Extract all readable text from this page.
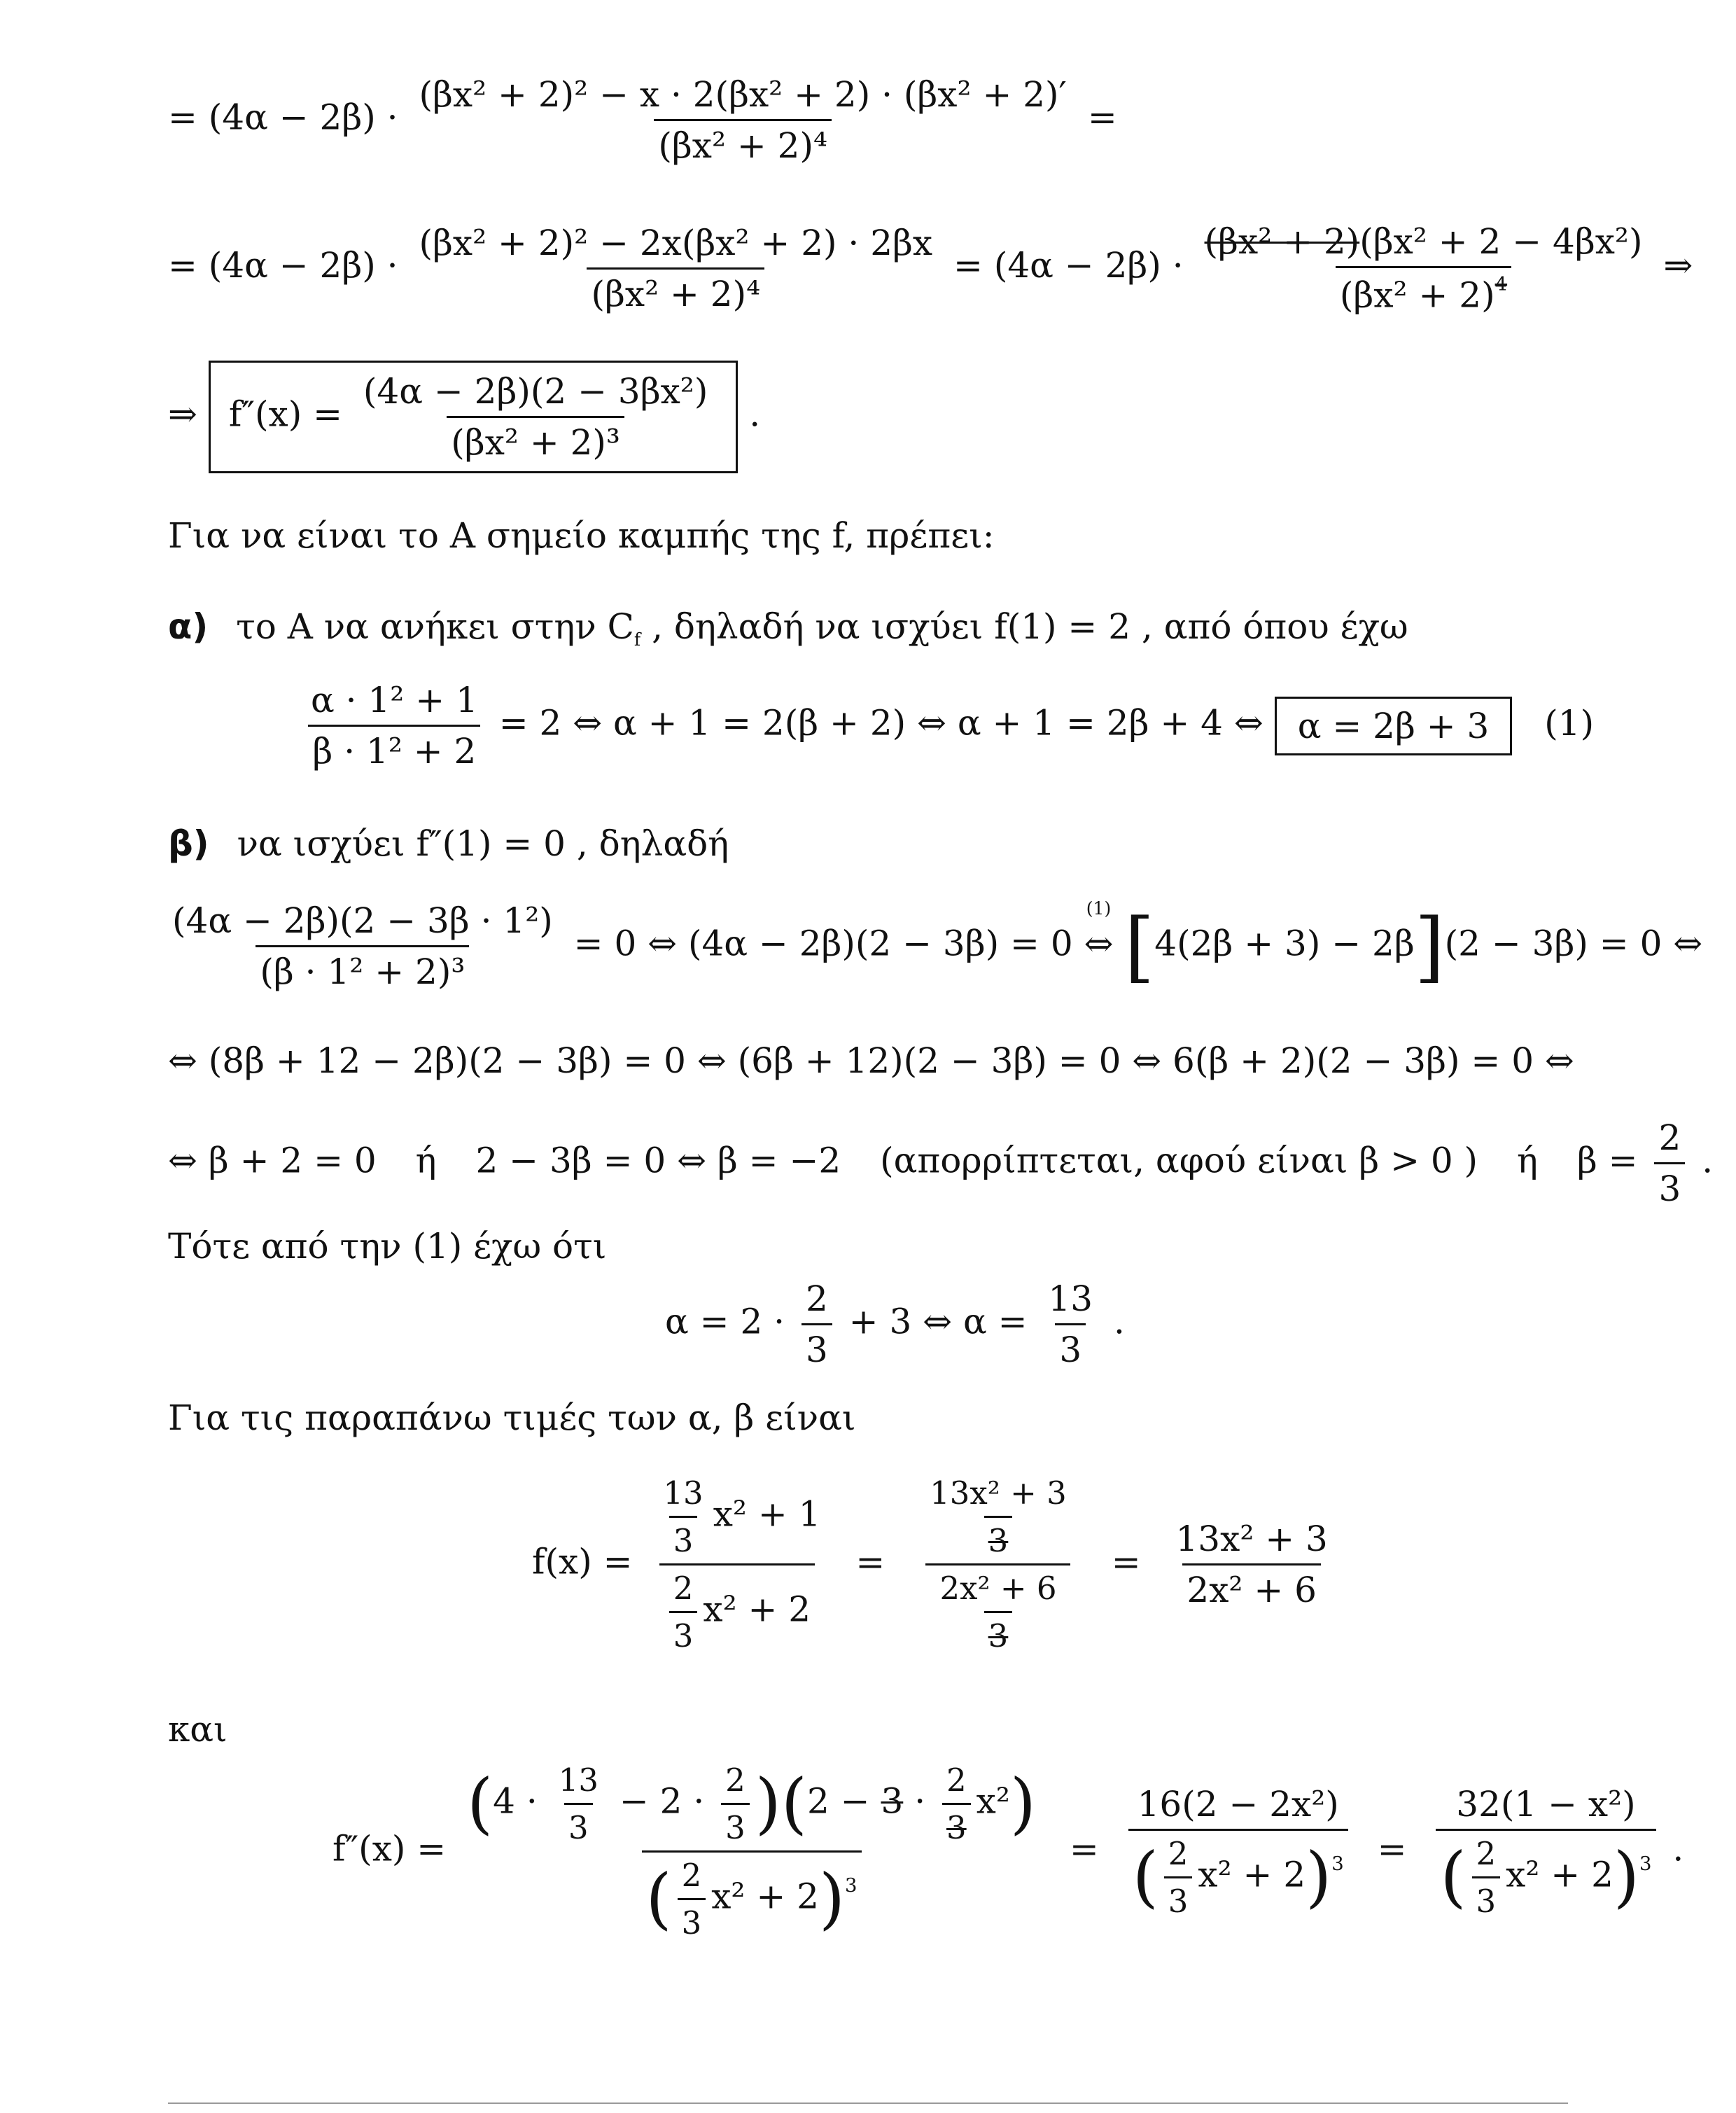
= $(4\alpha - 2\beta) \cdot \frac{\text{(βx² + 2)² − x · 2(βx² + 2) · (βx² + 2)′}}{\text{(βx² + 2)⁴}}$ =
= $(4\alpha - 2\beta) \cdot \frac{\text{(βx² + 2)² − 2x(βx² + 2) · 2βx}}{\text{(βx² + 2)⁴}} = (4\alpha - 2\beta) \cdot \frac{\text{(βx² + 2)(βx² + 2 − 4βx²)}}{(\beta x^2 + 2)^4}$ ⇒
⇒ $f''(x) = \frac{\text{(4α − 2β)(2 − 3βx²)}}{\text{(βx² + 2)³}}$ .
Για να είναι το A σημείο καμπής της f, πρέπει:
α) το A να ανήκει στην $C_f$ , δηλαδή να ισχύει f(1) = 2 , από όπου έχω
$\frac{\text{α · 1² + 1}}{\text{β · 1² + 2}} = 2$ ⇔ α + 1 = 2(β + 2) ⇔ α + 1 = 2β + 4 ⇔ α = 2β + 3 (1)
β) να ισχύει f″(1) = 0 , δηλαδή
$\frac{\text{(4α − 2β)(2 − 3β · 1²)}}{\text{(β · 1² + 2)³}} = 0$ ⇔ (4α − 2β)(2 − 3β) = 0
(1)
⇔ [4(2β + 3) − 2β](2 − 3β) = 0 ⇔
⇔ (8β + 12 − 2β)(2 − 3β) = 0 ⇔ (6β + 12)(2 − 3β) = 0 ⇔ 6(β + 2)(2 − 3β) = 0 ⇔
⇔ β + 2 = 0 ή 2 − 3β = 0 ⇔ β = −2 (απορρίπτεται, αφού είναι β > 0 ) ή $\beta = \frac{2}{3}$ .
Τότε από την (1) έχω ότι
$\alpha = 2 \cdot \frac{2}{3} + 3$ ⇔ $\alpha = \frac{13}{3}$ .
Για τις παραπάνω τιμές των α, β είναι
$f(x) = \frac{\frac{13}{3} x^2 + 1}{\frac{2}{3} x^2 + 2} = \frac{\frac{\text{13x² + 3}}{3}}{\frac{\text{2x² + 6}}{3}} = \frac{\text{13x² + 3}}{\text{2x² + 6}}$
και
f″(x) =
$(4 \cdot \frac{13}{3} - 2 \cdot \frac{2}{3} )(2 - 3 \cdot \frac{2}{3} x^2)$
( $\frac{2}{3} x^2 + 2)^3$
= $\frac{\text{16(2 − 2x²)}}{( \frac{2}{3} x^2 + 2)^3} = \frac{\text{32(1 − x²)}}{( \frac{2}{3} x^2 + 2)^3}$ .
